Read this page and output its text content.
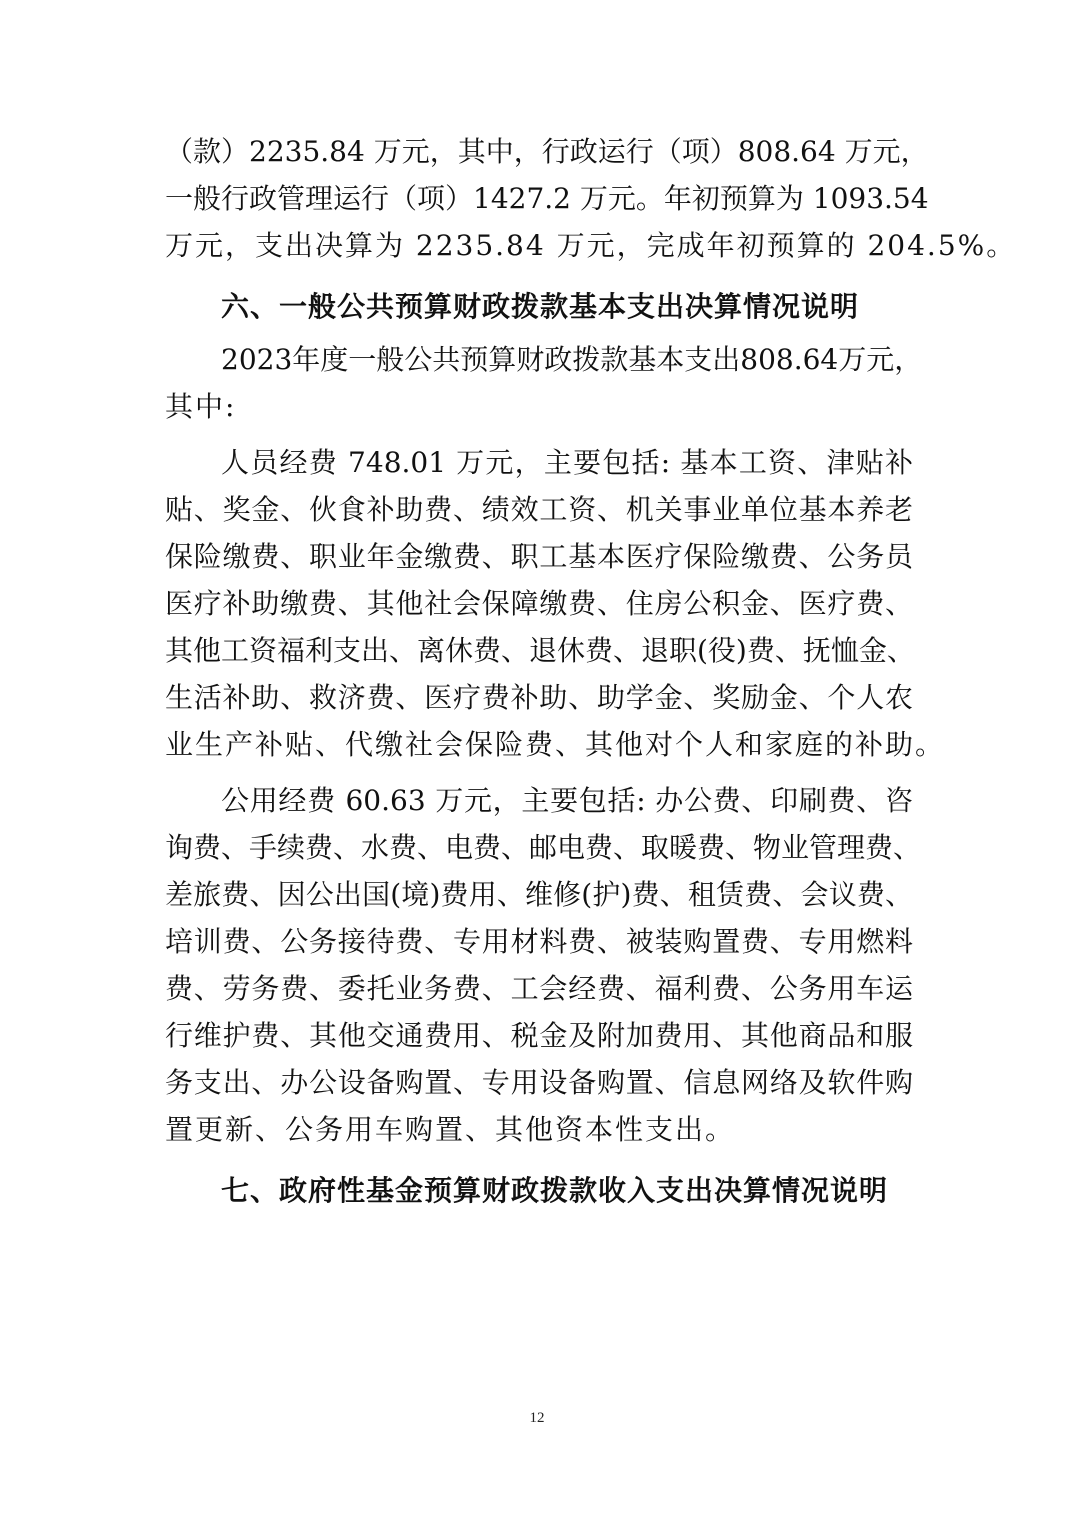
（款）2235.84 万元，其中，行政运行（项）808.64 万元，
一般行政管理运行（项）1427.2 万元。年初预算为 1093.54
万元，支出决算为 2235.84 万元，完成年初预算的 204.5%。
六、一般公共预算财政拨款基本支出决算情况说明
2023年度一般公共预算财政拨款基本支出808.64万元，
其中:
人员经费 748.01 万元，主要包括: 基本工资、津贴补
贴、奖金、伙食补助费、绩效工资、机关事业单位基本养老
保险缴费、职业年金缴费、职工基本医疗保险缴费、公务员
医疗补助缴费、其他社会保障缴费、住房公积金、医疗费、
其他工资福利支出、离休费、退休费、退职(役)费、抚恤金、
生活补助、救济费、医疗费补助、助学金、奖励金、个人农
业生产补贴、代缴社会保险费、其他对个人和家庭的补助。
公用经费 60.63 万元，主要包括: 办公费、印刷费、咨
询费、手续费、水费、电费、邮电费、取暖费、物业管理费、
差旅费、因公出国(境)费用、维修(护)费、租赁费、会议费、
培训费、公务接待费、专用材料费、被装购置费、专用燃料
费、劳务费、委托业务费、工会经费、福利费、公务用车运
行维护费、其他交通费用、税金及附加费用、其他商品和服
务支出、办公设备购置、专用设备购置、信息网络及软件购
置更新、公务用车购置、其他资本性支出。
七、政府性基金预算财政拨款收入支出决算情况说明
12
